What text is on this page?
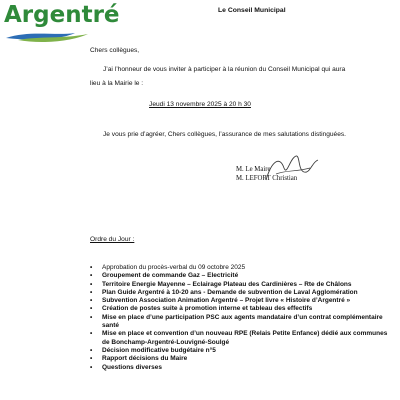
Argentré	Le Conseil Municipal
Chers collègues,
J’ai l’honneur de vous inviter à participer à la réunion du Conseil Municipal qui aura
lieu à la Mairie le :
Jeudi 13 novembre 2025 à 20 h 30
Je vous prie d’agréer, Chers collègues, l’assurance de mes salutations distinguées.
M. Le Maire
M. LEFORT Christian
Ordre du Jour :
• Approbation du procès-verbal du 09 octobre 2025
• Groupement de commande Gaz – Electricité
• Territoire Energie Mayenne – Eclairage Plateau des Cardinières – Rte de Châlons
• Plan Guide Argentré à 10-20 ans - Demande de subvention de Laval Agglomération
• Subvention Association Animation Argentré – Projet livre « Histoire d’Argentré »
• Création de postes suite à promotion interne et tableau des effectifs
• Mise en place d’une participation PSC aux agents mandataire d’un contrat complémentaire santé
• Mise en place et convention d’un nouveau RPE (Relais Petite Enfance) dédié aux communes de Bonchamp-Argentré-Louvigné-Soulgé
• Décision modificative budgétaire n°5
• Rapport décisions du Maire
• Questions diverses
